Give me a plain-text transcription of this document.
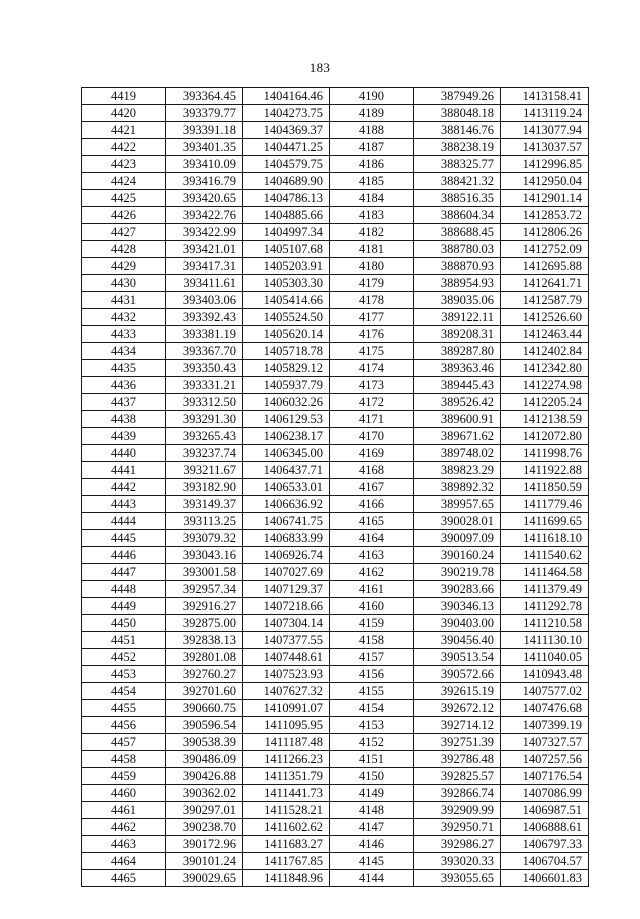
183
4419	393364.45	1404164.46	4190	387949.26	1413158.41
4420	393379.77	1404273.75	4189	388048.18	1413119.24
4421	393391.18	1404369.37	4188	388146.76	1413077.94
4422	393401.35	1404471.25	4187	388238.19	1413037.57
4423	393410.09	1404579.75	4186	388325.77	1412996.85
4424	393416.79	1404689.90	4185	388421.32	1412950.04
4425	393420.65	1404786.13	4184	388516.35	1412901.14
4426	393422.76	1404885.66	4183	388604.34	1412853.72
4427	393422.99	1404997.34	4182	388688.45	1412806.26
4428	393421.01	1405107.68	4181	388780.03	1412752.09
4429	393417.31	1405203.91	4180	388870.93	1412695.88
4430	393411.61	1405303.30	4179	388954.93	1412641.71
4431	393403.06	1405414.66	4178	389035.06	1412587.79
4432	393392.43	1405524.50	4177	389122.11	1412526.60
4433	393381.19	1405620.14	4176	389208.31	1412463.44
4434	393367.70	1405718.78	4175	389287.80	1412402.84
4435	393350.43	1405829.12	4174	389363.46	1412342.80
4436	393331.21	1405937.79	4173	389445.43	1412274.98
4437	393312.50	1406032.26	4172	389526.42	1412205.24
4438	393291.30	1406129.53	4171	389600.91	1412138.59
4439	393265.43	1406238.17	4170	389671.62	1412072.80
4440	393237.74	1406345.00	4169	389748.02	1411998.76
4441	393211.67	1406437.71	4168	389823.29	1411922.88
4442	393182.90	1406533.01	4167	389892.32	1411850.59
4443	393149.37	1406636.92	4166	389957.65	1411779.46
4444	393113.25	1406741.75	4165	390028.01	1411699.65
4445	393079.32	1406833.99	4164	390097.09	1411618.10
4446	393043.16	1406926.74	4163	390160.24	1411540.62
4447	393001.58	1407027.69	4162	390219.78	1411464.58
4448	392957.34	1407129.37	4161	390283.66	1411379.49
4449	392916.27	1407218.66	4160	390346.13	1411292.78
4450	392875.00	1407304.14	4159	390403.00	1411210.58
4451	392838.13	1407377.55	4158	390456.40	1411130.10
4452	392801.08	1407448.61	4157	390513.54	1411040.05
4453	392760.27	1407523.93	4156	390572.66	1410943.48
4454	392701.60	1407627.32	4155	392615.19	1407577.02
4455	390660.75	1410991.07	4154	392672.12	1407476.68
4456	390596.54	1411095.95	4153	392714.12	1407399.19
4457	390538.39	1411187.48	4152	392751.39	1407327.57
4458	390486.09	1411266.23	4151	392786.48	1407257.56
4459	390426.88	1411351.79	4150	392825.57	1407176.54
4460	390362.02	1411441.73	4149	392866.74	1407086.99
4461	390297.01	1411528.21	4148	392909.99	1406987.51
4462	390238.70	1411602.62	4147	392950.71	1406888.61
4463	390172.96	1411683.27	4146	392986.27	1406797.33
4464	390101.24	1411767.85	4145	393020.33	1406704.57
4465	390029.65	1411848.96	4144	393055.65	1406601.83
